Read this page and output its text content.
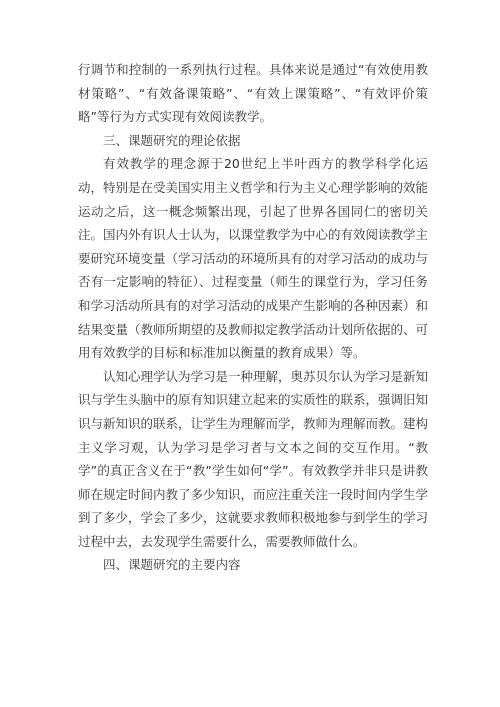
行调节和控制的一系列执行过程。具体来说是通过“有效使用教材策略”、“有效备课策略”、“有效上课策略”、“有效评价策略”等行为方式实现有效阅读教学。

三、课题研究的理论依据

有效教学的理念源于20世纪上半叶西方的教学科学化运动，特别是在受美国实用主义哲学和行为主义心理学影响的效能运动之后，这一概念频繁出现，引起了世界各国同仁的密切关注。国内外有识人士认为，以课堂教学为中心的有效阅读教学主要研究环境变量（学习活动的环境所具有的对学习活动的成功与否有一定影响的特征）、过程变量（师生的课堂行为，学习任务和学习活动所具有的对学习活动的成果产生影响的各种因素）和结果变量（教师所期望的及教师拟定教学活动计划所依据的、可用有效教学的目标和标准加以衡量的教育成果）等。

认知心理学认为学习是一种理解，奥苏贝尔认为学习是新知识与学生头脑中的原有知识建立起来的实质性的联系，强调旧知识与新知识的联系，让学生为理解而学，教师为理解而教。建构主义学习观，认为学习是学习者与文本之间的交互作用。“教学”的真正含义在于“教”学生如何“学”。有效教学并非只是讲教师在规定时间内教了多少知识，而应注重关注一段时间内学生学到了多少，学会了多少，这就要求教师积极地参与到学生的学习过程中去，去发现学生需要什么，需要教师做什么。

四、课题研究的主要内容
